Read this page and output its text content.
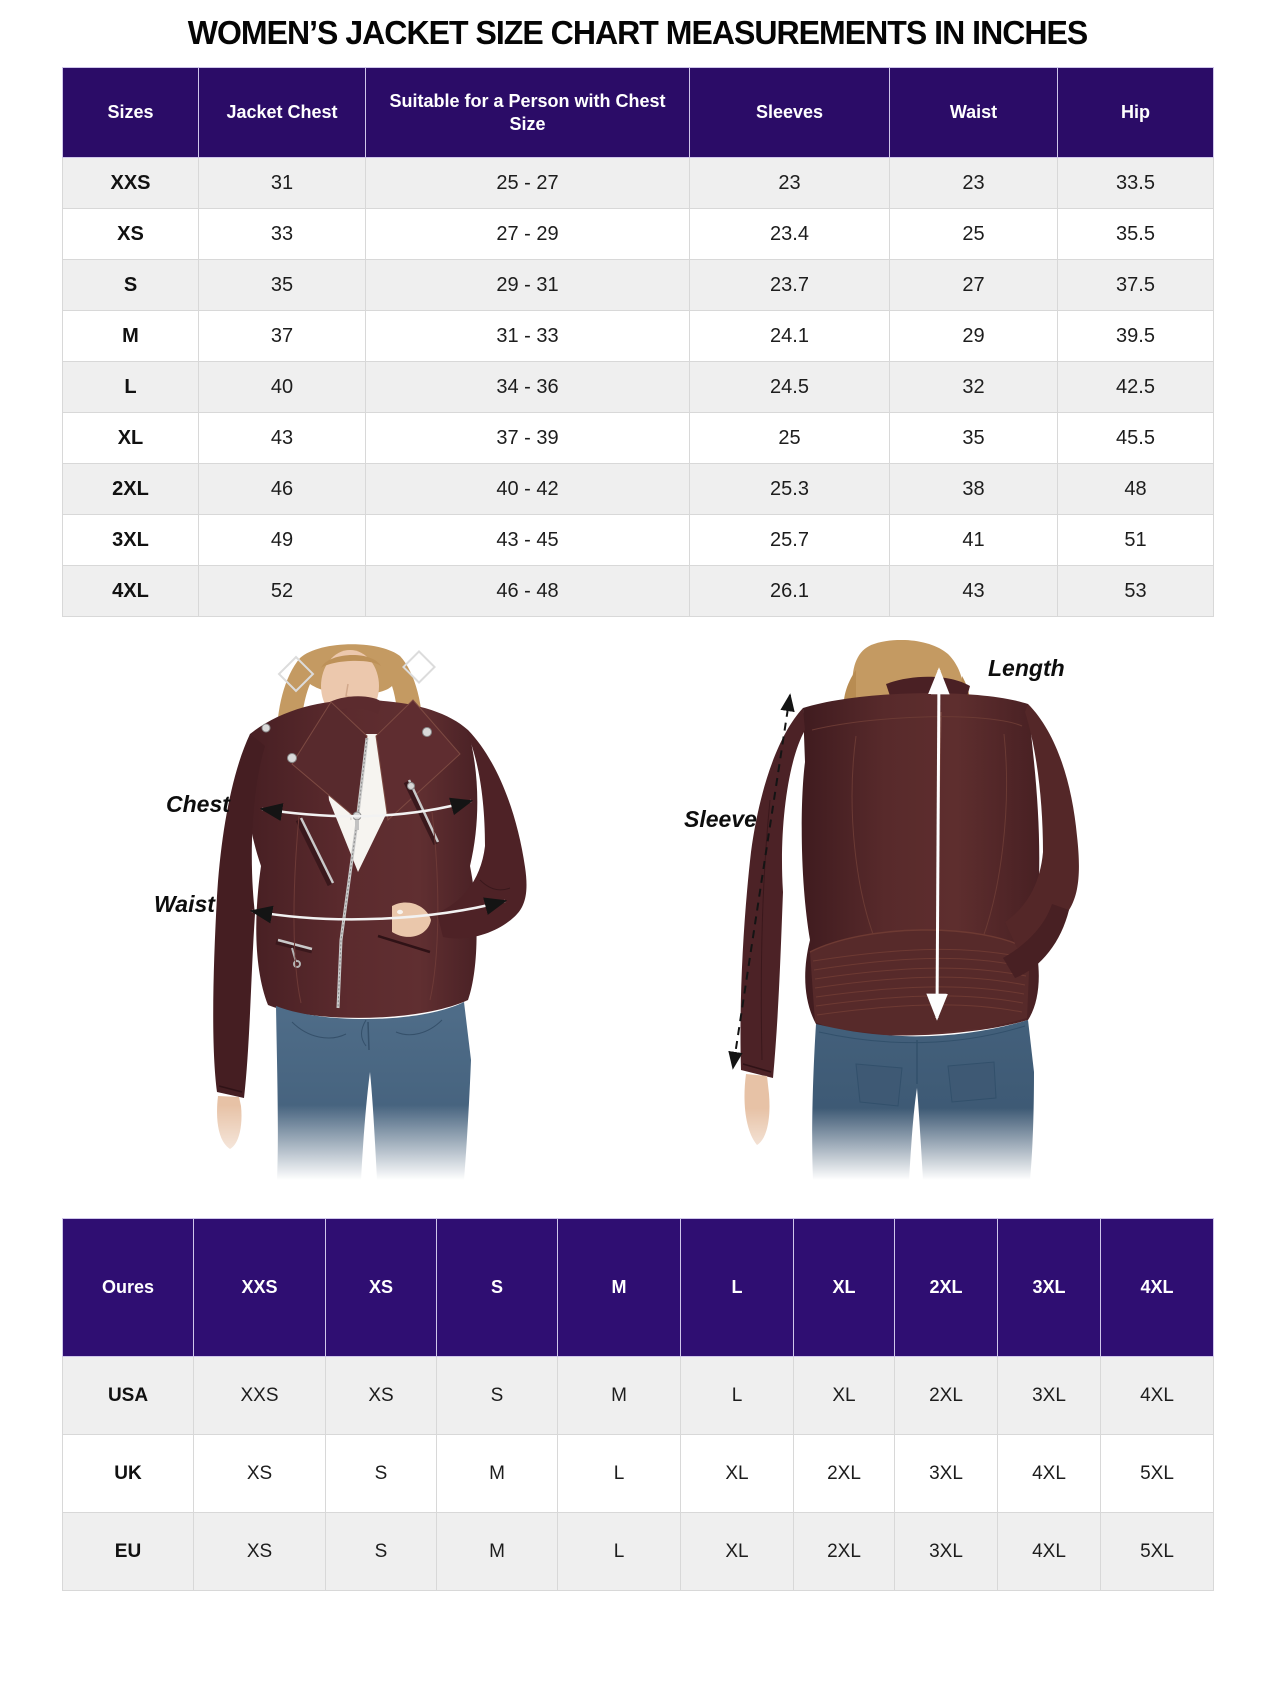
WOMEN’S JACKET SIZE CHART MEASUREMENTS IN INCHES
Sizes	Jacket Chest	Suitable for a Person with Chest Size	Sleeves	Waist	Hip
XXS	31	25 - 27	23	23	33.5
XS	33	27 - 29	23.4	25	35.5
S	35	29 - 31	23.7	27	37.5
M	37	31 - 33	24.1	29	39.5
L	40	34 - 36	24.5	32	42.5
XL	43	37 - 39	25	35	45.5
2XL	46	40 - 42	25.3	38	48
3XL	49	43 - 45	25.7	41	51
4XL	52	46 - 48	26.1	43	53
Chest
Waist
Sleeve
Length
Oures	XXS	XS	S	M	L	XL	2XL	3XL	4XL
USA	XXS	XS	S	M	L	XL	2XL	3XL	4XL
UK	XS	S	M	L	XL	2XL	3XL	4XL	5XL
EU	XS	S	M	L	XL	2XL	3XL	4XL	5XL
